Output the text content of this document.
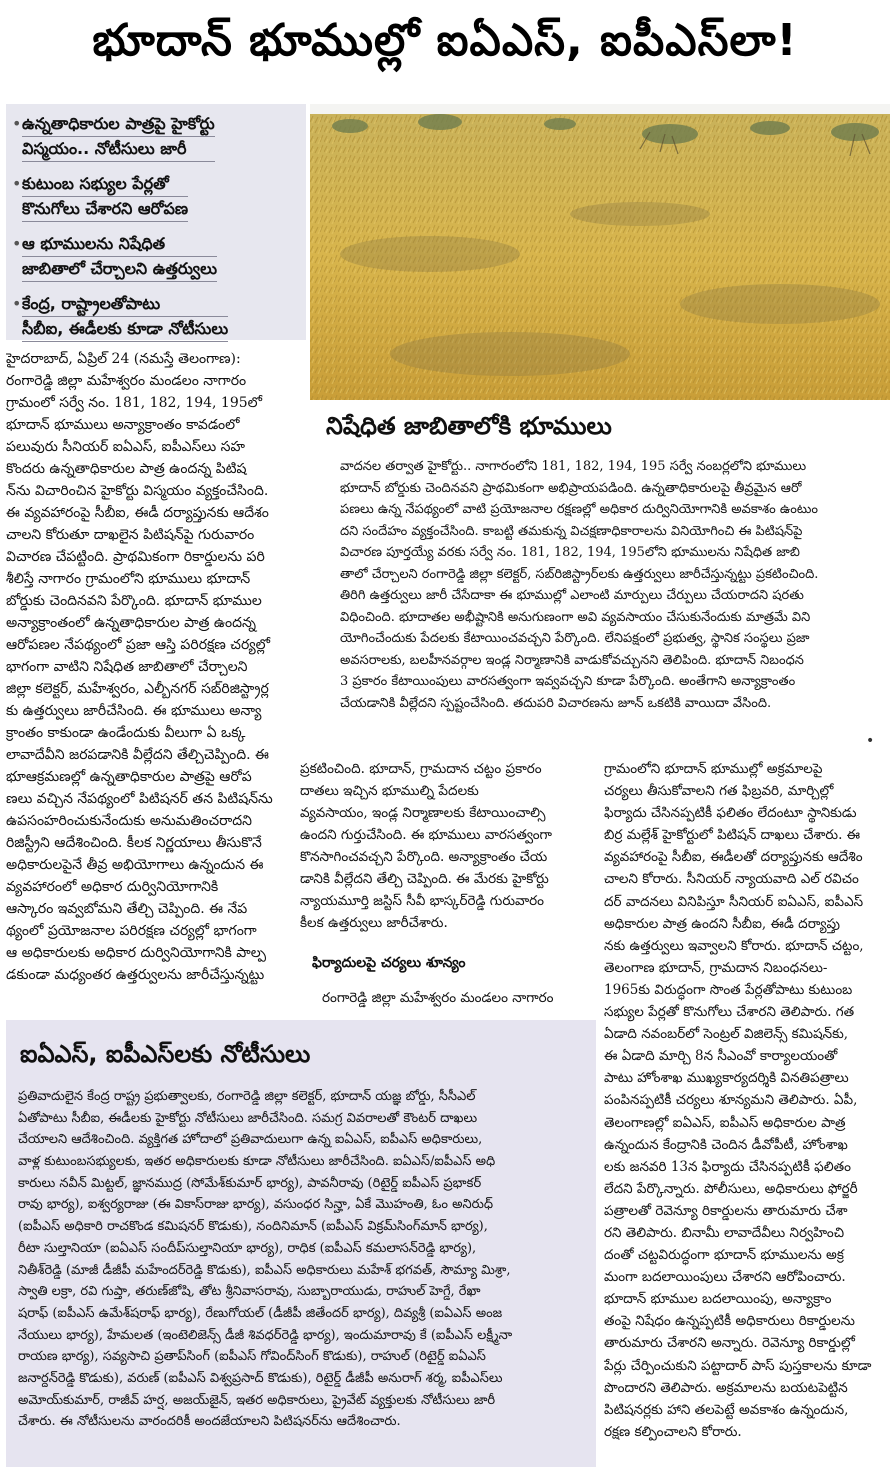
భూదాన్ భూముల్లో ఐఏఎస్, ఐపీఎస్‌లా!
• ఉన్నతాధికారుల పాత్రపై హైకోర్టు
విస్మయం.. నోటీసులు జారీ
• కుటుంబ సభ్యుల పేర్లతో
కొనుగోలు చేశారని ఆరోపణ
• ఆ భూములను నిషేధిత
జాబితాలో చేర్చాలని ఉత్తర్వులు
• కేంద్ర, రాష్ట్రాలతోపాటు
సీబీఐ, ఈడీలకు కూడా నోటీసులు
హైదరాబాద్, ఏప్రిల్ 24 (నమస్తే తెలంగాణ):
రంగారెడ్డి జిల్లా మహేశ్వరం మండలం నాగారం
గ్రామంలో సర్వే నం. 181, 182, 194, 195లో
భూదాన్ భూములు అన్యాక్రాంతం కావడంలో
పలువురు సీనియర్ ఐఏఎస్, ఐపీఎస్‌లు సహ
కొందరు ఉన్నతాధికారుల పాత్ర ఉందన్న పిటిష
న్‌ను విచారించిన హైకోర్టు విస్మయం వ్యక్తంచేసింది.
ఈ వ్యవహారంపై సీబీఐ, ఈడీ దర్యాప్తునకు ఆదేశం
చాలని కోరుతూ దాఖలైన పిటిషన్‌పై గురువారం
విచారణ చేపట్టింది. ప్రాథమికంగా రికార్డులను పరి
శీలిస్తే నాగారం గ్రామంలోని భూములు భూదాన్
బోర్డుకు చెందినవని పేర్కొంది. భూదాన్ భూముల
అన్యాక్రాంతంలో ఉన్నతాధికారుల పాత్ర ఉందన్న
ఆరోపణల నేపథ్యంలో ప్రజా ఆస్తి పరిరక్షణ చర్యల్లో
భాగంగా వాటిని నిషేధిత జాబితాలో చేర్చాలని
జిల్లా కలెక్టర్, మహేశ్వరం, ఎల్బీనగర్ సబ్‌రిజిస్ట్రార్ల
కు ఉత్తర్వులు జారీచేసింది. ఈ భూములు అన్యా
క్రాంతం కాకుండా ఉండేందుకు వీలుగా ఏ ఒక్క
లావాదేవీని జరపడానికి వీల్లేదని తేల్చిచెప్పింది. ఈ
భూఆక్రమణల్లో ఉన్నతాధికారుల పాత్రపై ఆరోప
ణలు వచ్చిన నేపథ్యంలో పిటిషనర్ తన పిటిషన్‌ను
ఉపసంహరించుకునేందుకు అనుమతించరాదని
రిజిస్ట్రీని ఆదేశించింది. కీలక నిర్ణయాలు తీసుకొనే
అధికారులపైనే తీవ్ర అభియోగాలు ఉన్నందున ఈ
వ్యవహారంలో అధికార దుర్వినియోగానికి
ఆస్కారం ఇవ్వబోమని తేల్చి చెప్పింది. ఈ నేప
థ్యంలో ప్రయోజనాల పరిరక్షణ చర్యల్లో భాగంగా
ఆ అధికారులకు అధికార దుర్వినియోగానికి పాల్ప
డకుండా మధ్యంతర ఉత్తర్వులను జారీచేస్తున్నట్టు
నిషేధిత జాబితాలోకి భూములు
వాదనల తర్వాత హైకోర్టు.. నాగారంలోని 181, 182, 194, 195 సర్వే నంబర్లలోని భూములు
భూదాన్ బోర్డుకు చెందినవని ప్రాథమికంగా అభిప్రాయపడింది. ఉన్నతాధికారులపై తీవ్రమైన ఆరో
పణలు ఉన్న నేపథ్యంలో వాటి ప్రయోజనాల రక్షణల్లో అధికార దుర్వినియోగానికి అవకాశం ఉంటుం
దని సందేహం వ్యక్తంచేసింది. కాబట్టి తమకున్న విచక్షణాధికారాలను వినియోగించి ఈ పిటిషన్‌పై
విచారణ పూర్తయ్యే వరకు సర్వే నం. 181, 182, 194, 195లోని భూములను నిషేధిత జాబి
తాలో చేర్చాలని రంగారెడ్డి జిల్లా కలెక్టర్, సబ్‌రిజిస్ట్రార్‌లకు ఉత్తర్వులు జారీచేస్తున్నట్టు ప్రకటించింది.
తిరిగి ఉత్తర్వులు జారీ చేసేదాకా ఈ భూముల్లో ఎలాంటి మార్పులు చేర్పులు చేయరాదని షరతు
విధించింది. భూదాతల అభీష్టానికి అనుగుణంగా అవి వ్యవసాయం చేసుకునేందుకు మాత్రమే విని
యోగించేందుకు పేదలకు కేటాయించవచ్చని పేర్కొంది. లేనిపక్షంలో ప్రభుత్వ, స్థానిక సంస్థలు ప్రజా
అవసరాలకు, బలహీనవర్గాల ఇండ్ల నిర్మాణానికి వాడుకోవచ్చునని తెలిపింది. భూదాన్ నిబంధన
3 ప్రకారం కేటాయింపులు వారసత్వంగా ఇవ్వవచ్చని కూడా పేర్కొంది. అంతేగాని అన్యాక్రాంతం
చేయడానికి వీల్లేదని స్పష్టంచేసింది. తదుపరి విచారణను జూన్ ఒకటికి వాయిదా వేసింది.
•
ప్రకటించింది. భూదాన్, గ్రామదాన చట్టం ప్రకారం
దాతలు ఇచ్చిన భూముల్ని పేదలకు
వ్యవసాయం, ఇండ్ల నిర్మాణాలకు కేటాయించాల్సి
ఉందని గుర్తుచేసింది. ఈ భూములు వారసత్వంగా
కొనసాగించవచ్చని పేర్కొంది. అన్యాక్రాంతం చేయ
డానికి వీల్లేదని తేల్చి చెప్పింది. ఈ మేరకు హైకోర్టు
న్యాయమూర్తి జస్టిస్ సీవీ భాస్కర్‌రెడ్డి గురువారం
కీలక ఉత్తర్వులు జారీచేశారు.
ఫిర్యాదులపై చర్యలు శూన్యం
రంగారెడ్డి జిల్లా మహేశ్వరం మండలం నాగారం
గ్రామంలోని భూదాన్ భూముల్లో అక్రమాలపై
చర్యలు తీసుకోవాలని గత ఫిబ్రవరి, మార్చిల్లో
ఫిర్యాదు చేసినప్పటికీ ఫలితం లేదంటూ స్థానికుడు
బిర్ర మల్లేశ్ హైకోర్టులో పిటిషన్ దాఖలు చేశారు. ఈ
వ్యవహారంపై సీబీఐ, ఈడీలతో దర్యాప్తునకు ఆదేశిం
చాలని కోరారు. సీనియర్ న్యాయవాది ఎల్ రవిచం
దర్ వాదనలు వినిపిస్తూ సీనియర్ ఐఏఎస్, ఐపీఎస్
అధికారుల పాత్ర ఉందని సీబీఐ, ఈడీ దర్యాప్తు
నకు ఉత్తర్వులు ఇవ్వాలని కోరారు. భూదాన్ చట్టం,
తెలంగాణ భూదాన్, గ్రామదాన నిబంధనలు-
1965కు విరుద్ధంగా సొంత పేర్లతోపాటు కుటుంబ
సభ్యుల పేర్లతో కొనుగోలు చేశారని తెలిపారు. గత
ఏడాది నవంబర్‌లో సెంట్రల్ విజిలెన్స్ కమిషన్‌కు,
ఈ ఏడాది మార్చి 8న సీఎంవో కార్యాలయంతో
పాటు హోంశాఖ ముఖ్యకార్యదర్శికి వినతిపత్రాలు
పంపినప్పటికీ చర్యలు శూన్యమని తెలిపారు. ఏపీ,
తెలంగాణల్లో ఐఏఎస్, ఐపీఎస్ అధికారుల పాత్ర
ఉన్నందున కేంద్రానికి చెందిన డీవోపీటీ, హోంశాఖ
లకు జనవరి 13న ఫిర్యాదు చేసినప్పటికీ ఫలితం
లేదని పేర్కొన్నారు. పోలీసులు, అధికారులు ఫోర్జరీ
పత్రాలతో రెవెన్యూ రికార్డులను తారుమారు చేశా
రని తెలిపారు. బినామీ లావాదేవీలు నిర్వహించి
దంతో చట్టవిరుద్ధంగా భూదాన్ భూములను అక్ర
మంగా బదలాయింపులు చేశారని ఆరోపించారు.
భూదాన్ భూముల బదలాయింపు, అన్యాక్రాం
తంపై నిషేధం ఉన్నప్పటికీ అధికారులు రికార్డులను
తారుమారు చేశారని అన్నారు. రెవెన్యూ రికార్డుల్లో
పేర్లు చేర్పించుకుని పట్టాదార్ పాస్ పుస్తకాలను కూడా
పొందారని తెలిపారు. అక్రమాలను బయటపెట్టిన
పిటిషనర్లకు హాని తలపెట్టే అవకాశం ఉన్నందున,
రక్షణ కల్పించాలని కోరారు.
ఐఏఎస్, ఐపీఎస్‌లకు నోటీసులు
ప్రతివాదులైన కేంద్ర రాష్ట్ర ప్రభుత్వాలకు, రంగారెడ్డి జిల్లా కలెక్టర్, భూదాన్ యజ్ఞ బోర్డు, సీసీఎల్
ఏతోపాటు సీబీఐ, ఈడీలకు హైకోర్టు నోటీసులు జారీచేసింది. సమగ్ర వివరాలతో కౌంటర్ దాఖలు
చేయాలని ఆదేశించింది. వ్యక్తిగత హోదాలో ప్రతివాదులుగా ఉన్న ఐఏఎస్, ఐపీఎస్ అధికారులు,
వాళ్ల కుటుంబసభ్యులకు, ఇతర అధికారులకు కూడా నోటీసులు జారీచేసింది. ఐఏఎస్/ఐపీఎస్ అధి
కారులు నవీన్ మిట్టల్, జ్ఞానముద్ర (సోమేశ్‌కుమార్ భార్య), పావనీరావు (రిటైర్డ్ ఐపీఎస్ ప్రభాకర్
రావు భార్య), ఐశ్వర్యరాజు (ఈ వికాస్‌రాజు భార్య), వసుంధర సిన్హా, ఏకే మొహంతి, ఓం అనిరుధ్
(ఐపీఎస్ అధికారి రాచకొండ కమిషనర్ కొడుకు), నందినిమాన్ (ఐపీఎస్ విక్రమ్‌సింగ్‌మాన్ భార్య),
రీటా సుల్తానియా (ఐఏఎస్ సందీప్‌సుల్తానియా భార్య), రాధిక (ఐపీఎస్ కమలాసన్‌రెడ్డి భార్య),
నితీశ్‌రెడ్డి (మాజీ డీజీపీ మహేందర్‌రెడ్డి కొడుకు), ఐపీఎస్ అధికారులు మహేశ్ భగవత్, సౌమ్యా మిశ్రా,
స్వాతి లక్రా, రవి గుప్తా, తరుణ్‌జోషి, తోట శ్రీనివాసరావు, సుబ్బారాయుడు, రాహుల్ హెగ్డే, రేఖా
షరాఫ్ (ఐపీఎస్ ఉమేశ్‌షరాఫ్ భార్య), రేణుగోయల్ (డీజీపీ జితేందర్ భార్య), దివ్యశ్రీ (ఐఏఎస్ అంజ
నేయులు భార్య), హేమలత (ఇంటెలిజెన్స్ డీజీ శివధర్‌రెడ్డి భార్య), ఇందుమారావు కే (ఐపీఎస్ లక్ష్మీనా
రాయణ భార్య), సవ్యసాచి ప్రతాప్‌సింగ్ (ఐపీఎస్ గోవింద్‌సింగ్ కొడుకు), రాహుల్ (రిటైర్డ్ ఐఏఎస్
జనార్దన్‌రెడ్డి కొడుకు), వరుణ్ (ఐపీఎస్ విశ్వప్రసాద్ కొడుకు), రిటైర్డ్ డీజీపీ అనురాగ్ శర్మ, ఐపీఎస్‌లు
అమోయ్‌కుమార్, రాజీవ్ హర్ష, అజయ్‌జైన్, ఇతర అధికారులు, ప్రైవేట్ వ్యక్తులకు నోటీసులు జారీ
చేశారు. ఈ నోటీసులను వారందరికీ అందజేయాలని పిటిషనర్‌ను ఆదేశించారు.
